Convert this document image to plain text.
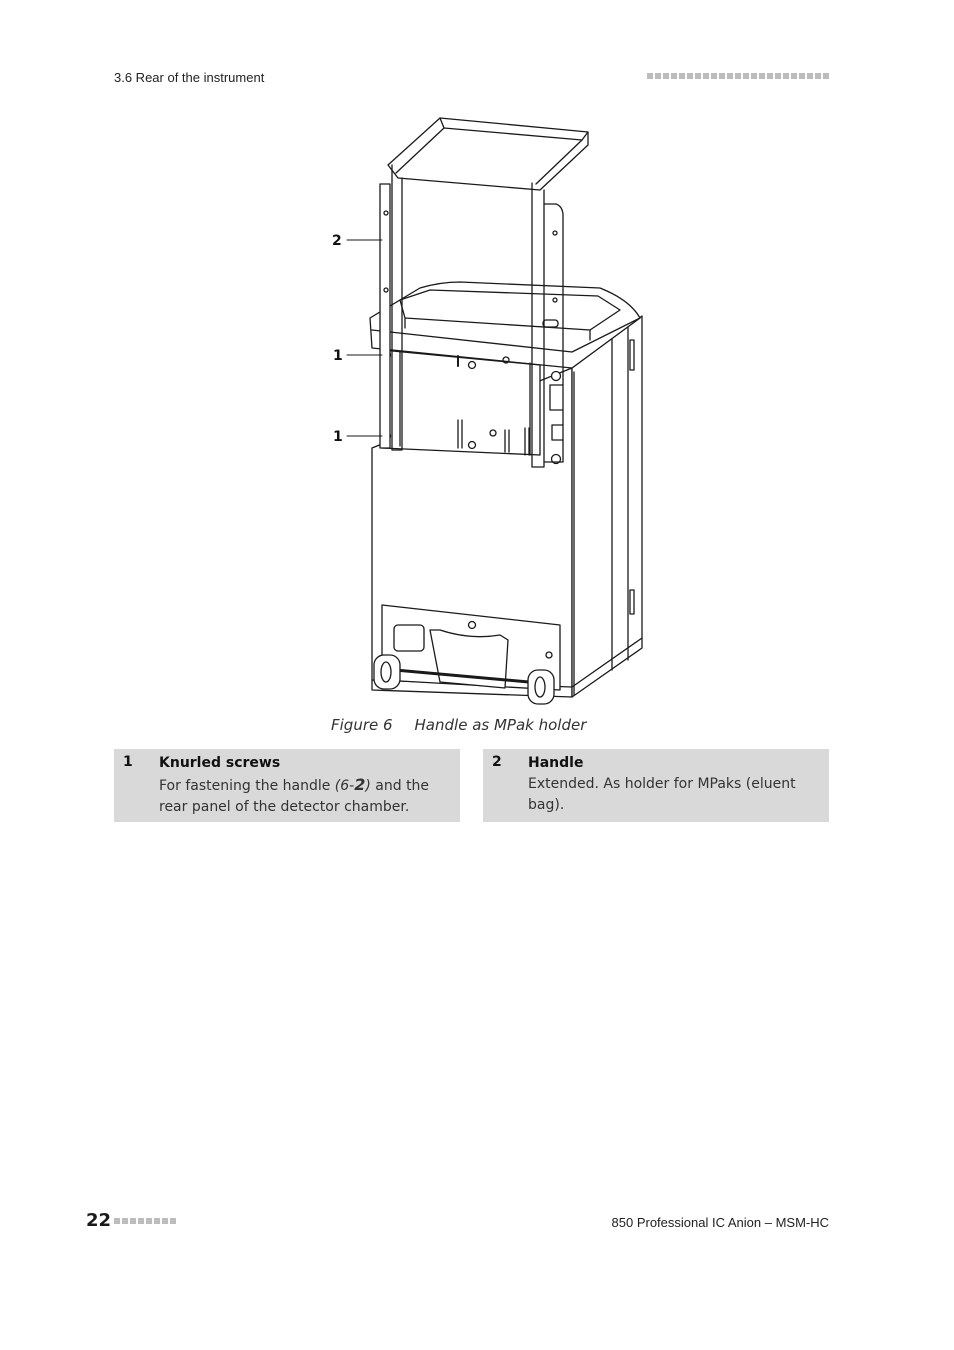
3.6 Rear of the instrument
2
1
1
Figure 6 Handle as MPak holder
1 Knurled screws
For fastening the handle (6-2) and the rear panel of the detector chamber.
2 Handle
Extended. As holder for MPaks (eluent bag).
22	850 Professional IC Anion – MSM-HC
